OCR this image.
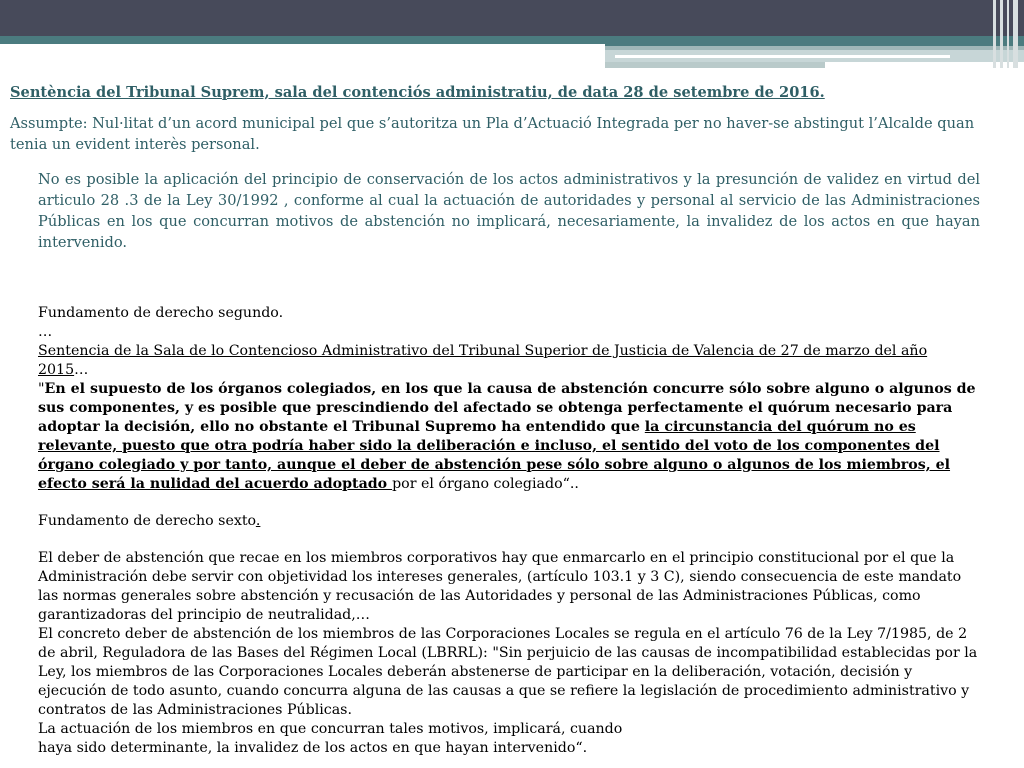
Sentència del Tribunal Suprem, sala del contenciós administratiu, de data 28 de setembre de 2016.

Assumpte: Nul·litat d’un acord municipal pel que s’autoritza un Pla d’Actuació Integrada per no haver-se abstingut l’Alcalde quan tenia un evident interès personal.

No es posible la aplicación del principio de conservación de los actos administrativos y la presunción de validez en virtud del articulo 28 .3 de la Ley 30/1992 , conforme al cual la actuación de autoridades y personal al servicio de las Administraciones Públicas en los que concurran motivos de abstención no implicará, necesariamente, la invalidez de los actos en que hayan intervenido.

Fundamento de derecho segundo.

…

Sentencia de la Sala de lo Contencioso Administrativo del Tribunal Superior de Justicia de Valencia de 27 de marzo del año 2015…

"En el supuesto de los órganos colegiados, en los que la causa de abstención concurre sólo sobre alguno o algunos de sus componentes, y es posible que prescindiendo del afectado se obtenga perfectamente el quórum necesario para adoptar la decisión, ello no obstante el Tribunal Supremo ha entendido que la circunstancia del quórum no es relevante, puesto que otra podría haber sido la deliberación e incluso, el sentido del voto de los componentes del órgano colegiado y por tanto, aunque el deber de abstención pese sólo sobre alguno o algunos de los miembros, el efecto será la nulidad del acuerdo adoptado por el órgano colegiado“..

Fundamento de derecho sexto.

El deber de abstención que recae en los miembros corporativos hay que enmarcarlo en el principio constitucional por el que la Administración debe servir con objetividad los intereses generales, (artículo 103.1 y 3 C), siendo consecuencia de este mandato las normas generales sobre abstención y recusación de las Autoridades y personal de las Administraciones Públicas, como garantizadoras del principio de neutralidad,…

El concreto deber de abstención de los miembros de las Corporaciones Locales se regula en el artículo 76 de la Ley 7/1985, de 2 de abril, Reguladora de las Bases del Régimen Local (LBRRL): "Sin perjuicio de las causas de incompatibilidad establecidas por la Ley, los miembros de las Corporaciones Locales deberán abstenerse de participar en la deliberación, votación, decisión y ejecución de todo asunto, cuando concurra alguna de las causas a que se refiere la legislación de procedimiento administrativo y contratos de las Administraciones Públicas.

La actuación de los miembros en que concurran tales motivos, implicará, cuando

haya sido determinante, la invalidez de los actos en que hayan intervenido“.
